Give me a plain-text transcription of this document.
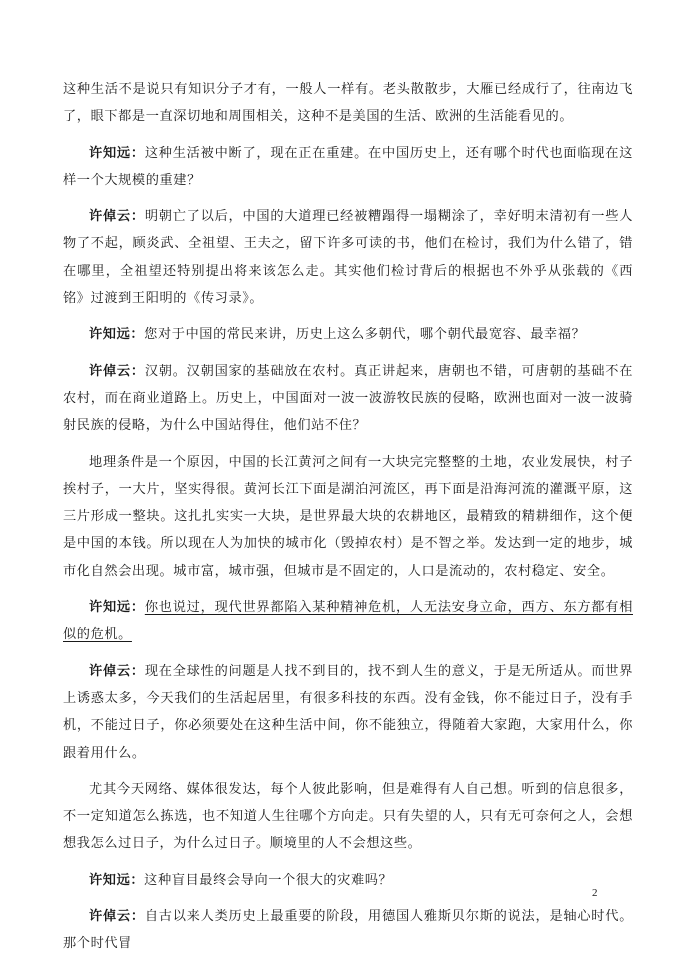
这种生活不是说只有知识分子才有，一般人一样有。老头散散步，大雁已经成行了，往南边飞了，眼下都是一直深切地和周围相关，这种不是美国的生活、欧洲的生活能看见的。

许知远：这种生活被中断了，现在正在重建。在中国历史上，还有哪个时代也面临现在这样一个大规模的重建？

许倬云：明朝亡了以后，中国的大道理已经被糟蹋得一塌糊涂了，幸好明末清初有一些人物了不起，顾炎武、全祖望、王夫之，留下许多可读的书，他们在检讨，我们为什么错了，错在哪里，全祖望还特别提出将来该怎么走。其实他们检讨背后的根据也不外乎从张载的《西铭》过渡到王阳明的《传习录》。

许知远：您对于中国的常民来讲，历史上这么多朝代，哪个朝代最宽容、最幸福？

许倬云：汉朝。汉朝国家的基础放在农村。真正讲起来，唐朝也不错，可唐朝的基础不在农村，而在商业道路上。历史上，中国面对一波一波游牧民族的侵略，欧洲也面对一波一波骑射民族的侵略，为什么中国站得住，他们站不住？

地理条件是一个原因，中国的长江黄河之间有一大块完完整整的土地，农业发展快，村子挨村子，一大片，坚实得很。黄河长江下面是湖泊河流区，再下面是沿海河流的灌溉平原，这三片形成一整块。这扎扎实实一大块，是世界最大块的农耕地区，最精致的精耕细作，这个便是中国的本钱。所以现在人为加快的城市化（毁掉农村）是不智之举。发达到一定的地步，城市化自然会出现。城市富，城市强，但城市是不固定的，人口是流动的，农村稳定、安全。

许知远：你也说过，现代世界都陷入某种精神危机，人无法安身立命，西方、东方都有相似的危机。

许倬云：现在全球性的问题是人找不到目的，找不到人生的意义，于是无所适从。而世界上诱惑太多，今天我们的生活起居里，有很多科技的东西。没有金钱，你不能过日子，没有手机，不能过日子，你必须要处在这种生活中间，你不能独立，得随着大家跑，大家用什么，你跟着用什么。

尤其今天网络、媒体很发达，每个人彼此影响，但是难得有人自己想。听到的信息很多，不一定知道怎么拣选，也不知道人生往哪个方向走。只有失望的人，只有无可奈何之人，会想想我怎么过日子，为什么过日子。顺境里的人不会想这些。

许知远：这种盲目最终会导向一个很大的灾难吗？

许倬云：自古以来人类历史上最重要的阶段，用德国人雅斯贝尔斯的说法，是轴心时代。那个时代冒

2
